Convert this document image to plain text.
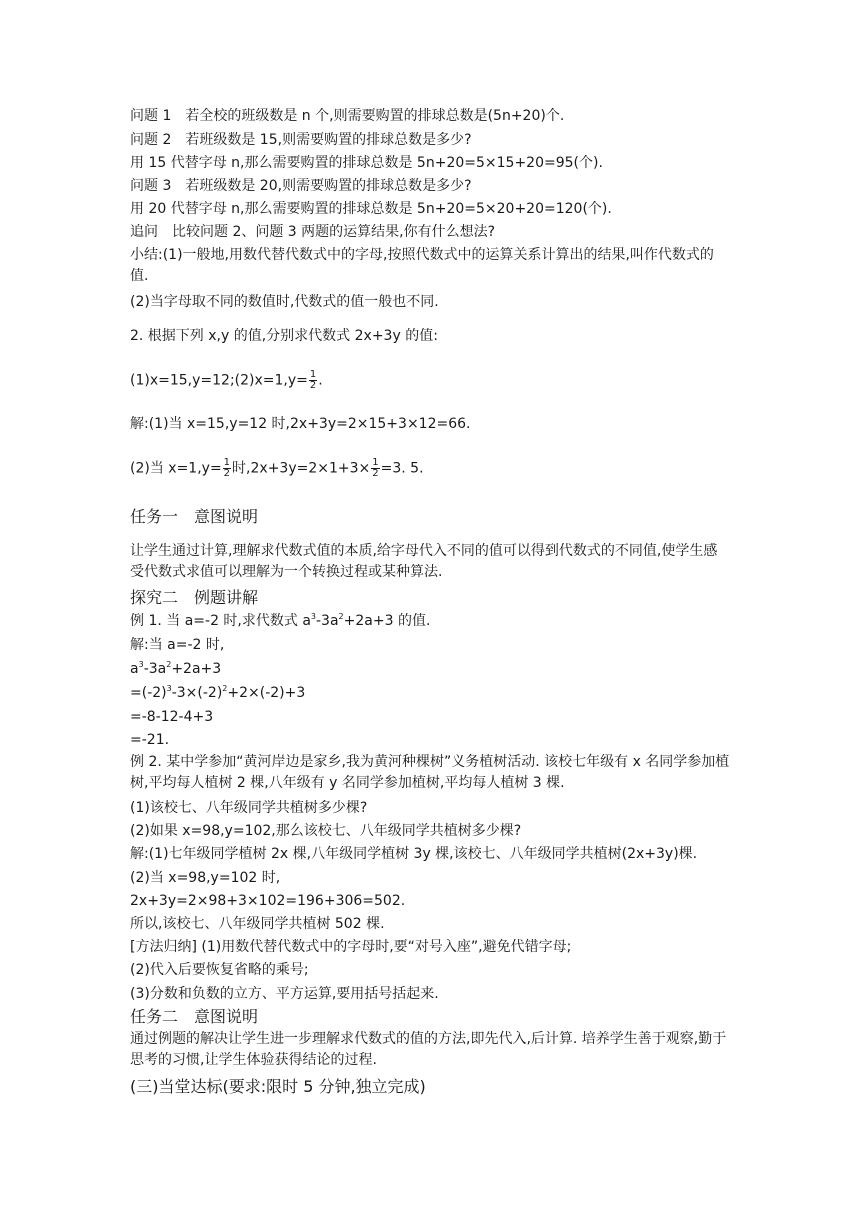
问题 1　若全校的班级数是 n 个,则需要购置的排球总数是(5n+20)个.
问题 2　若班级数是 15,则需要购置的排球总数是多少?
用 15 代替字母 n,那么需要购置的排球总数是 5n+20=5×15+20=95(个).
问题 3　若班级数是 20,则需要购置的排球总数是多少?
用 20 代替字母 n,那么需要购置的排球总数是 5n+20=5×20+20=120(个).
追问　比较问题 2、问题 3 两题的运算结果,你有什么想法?
小结:(1)一般地,用数代替代数式中的字母,按照代数式中的运算关系计算出的结果,叫作代数式的值.
(2)当字母取不同的数值时,代数式的值一般也不同.
2. 根据下列 x,y 的值,分别求代数式 2x+3y 的值:
(1)x=15,y=12;(2)x=1,y= $\frac{1}{2}$ .
解:(1)当 x=15,y=12 时,2x+3y=2×15+3×12=66.
(2)当 $x=1,y= \frac{1}{2}$ 时$,2x+3y=2\times 1+3\times \frac{1}{2} =3$. 5.
任务一　意图说明
让学生通过计算,理解求代数式值的本质,给字母代入不同的值可以得到代数式的不同值,使学生感受代数式求值可以理解为一个转换过程或某种算法.
探究二　例题讲解
例 1. 当 a=-2 时,求代数式 $a^3-3a^2+2a+3$ 的值.
解:当 a=-2 时,
$a^3-3a^2+2a+3$
$=(-2)^3-3\times(-2)^2+2\times(-2)+3$
=-8-12-4+3
=-21.
例 2. 某中学参加“黄河岸边是家乡,我为黄河种棵树”义务植树活动. 该校七年级有 x 名同学参加植树,平均每人植树 2 棵,八年级有 y 名同学参加植树,平均每人植树 3 棵.
(1)该校七、八年级同学共植树多少棵?
(2)如果 x=98,y=102,那么该校七、八年级同学共植树多少棵?
解:(1)七年级同学植树 2x 棵,八年级同学植树 3y 棵,该校七、八年级同学共植树(2x+3y)棵.
(2)当 x=98,y=102 时,
2x+3y=2×98+3×102=196+306=502.
所以,该校七、八年级同学共植树 502 棵.
[方法归纳] (1)用数代替代数式中的字母时,要“对号入座”,避免代错字母;
(2)代入后要恢复省略的乘号;
(3)分数和负数的立方、平方运算,要用括号括起来.
任务二　意图说明
通过例题的解决让学生进一步理解求代数式的值的方法,即先代入,后计算. 培养学生善于观察,勤于思考的习惯,让学生体验获得结论的过程.
(三)当堂达标(要求:限时 5 分钟,独立完成)
